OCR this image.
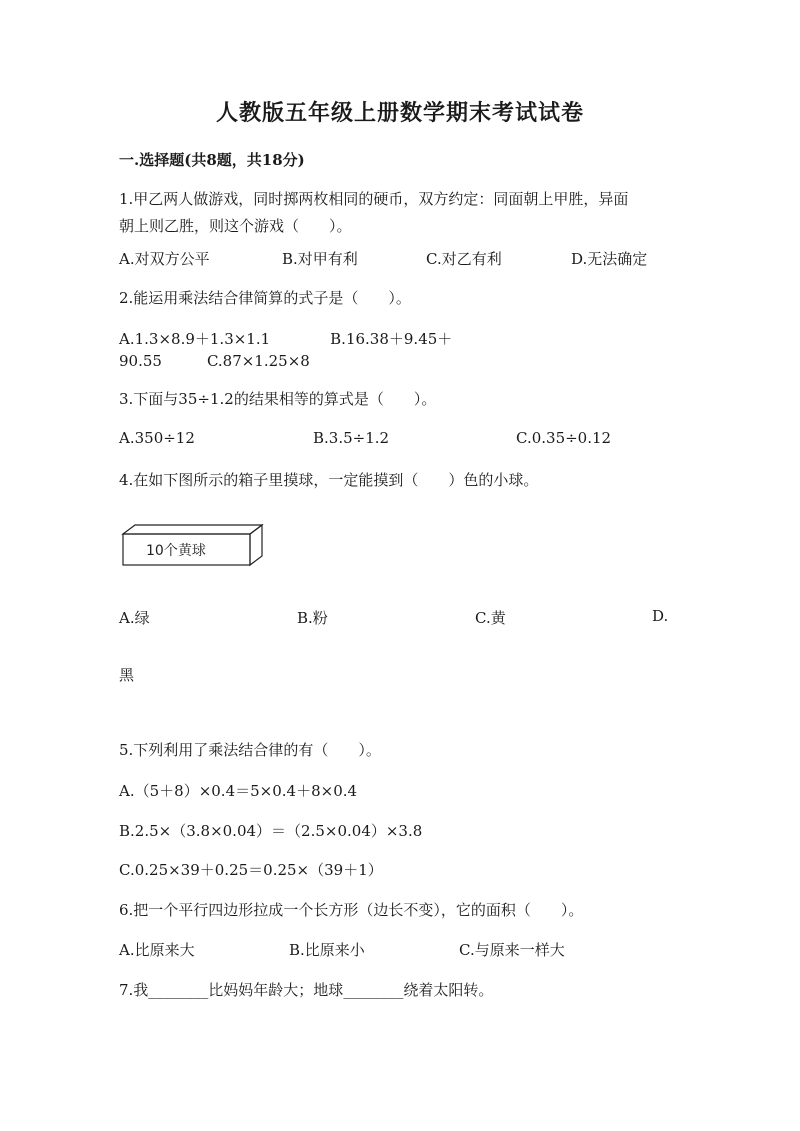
人教版五年级上册数学期末考试试卷
一.选择题(共8题，共18分)
1.甲乙两人做游戏，同时掷两枚相同的硬币，双方约定：同面朝上甲胜，异面
朝上则乙胜，则这个游戏（　　）。
A.对双方公平	B.对甲有利	C.对乙有利	D.无法确定
2.能运用乘法结合律简算的式子是（　　）。
A.1.3×8.9＋1.3×1.1　　　　B.16.38＋9.45＋
90.55　　　C.87×1.25×8
3.下面与35÷1.2的结果相等的算式是（　　）。
A.350÷12	B.3.5÷1.2	C.0.35÷0.12
4.在如下图所示的箱子里摸球，一定能摸到（　　）色的小球。
10个黄球
A.绿	B.粉	C.黄	D.
黑
5.下列利用了乘法结合律的有（　　）。
A.（5＋8）×0.4＝5×0.4＋8×0.4
B.2.5×（3.8×0.04）＝（2.5×0.04）×3.8
C.0.25×39＋0.25＝0.25×（39＋1）
6.把一个平行四边形拉成一个长方形（边长不变），它的面积（　　）。
A.比原来大	B.比原来小	C.与原来一样大
7.我________比妈妈年龄大；地球________绕着太阳转。
